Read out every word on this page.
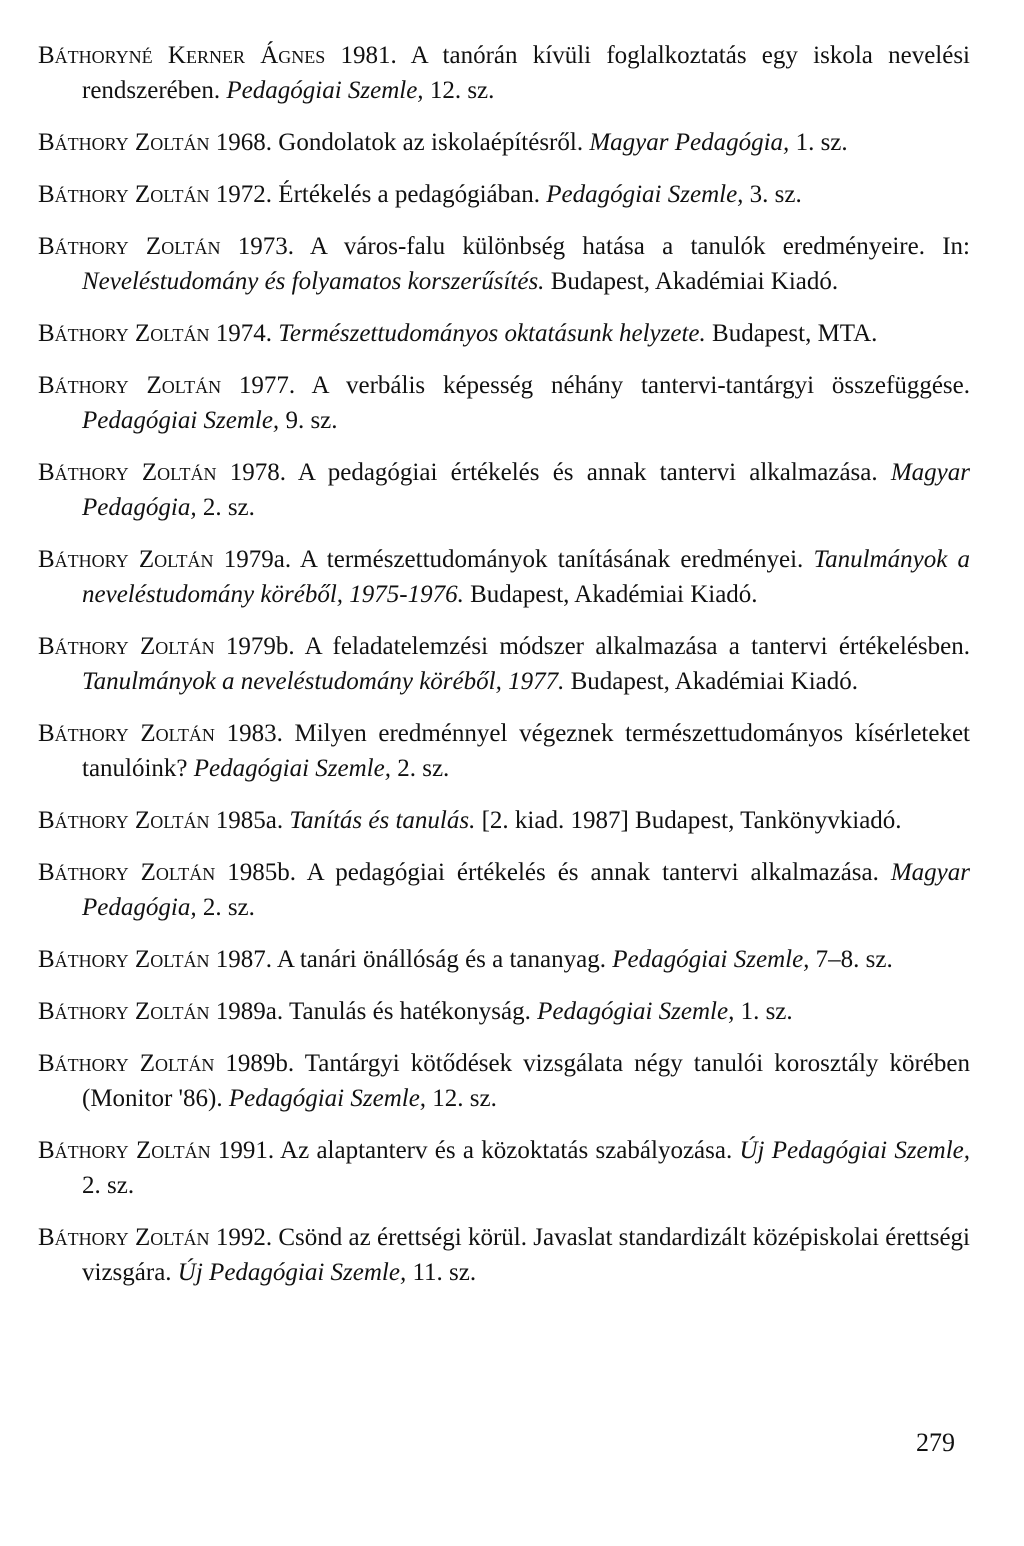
Báthoryné Kerner Ágnes 1981. A tanórán kívüli foglalkoztatás egy iskola nevelési rendszerében. Pedagógiai Szemle, 12. sz.

Báthory Zoltán 1968. Gondolatok az iskolaépítésről. Magyar Pedagógia, 1. sz.

Báthory Zoltán 1972. Értékelés a pedagógiában. Pedagógiai Szemle, 3. sz.

Báthory Zoltán 1973. A város-falu különbség hatása a tanulók eredményeire. In: Neveléstudomány és folyamatos korszerűsítés. Budapest, Akadémiai Kiadó.

Báthory Zoltán 1974. Természettudományos oktatásunk helyzete. Budapest, MTA.

Báthory Zoltán 1977. A verbális képesség néhány tantervi-tantárgyi összefüggése. Pedagógiai Szemle, 9. sz.

Báthory Zoltán 1978. A pedagógiai értékelés és annak tantervi alkalmazása. Magyar Pedagógia, 2. sz.

Báthory Zoltán 1979a. A természettudományok tanításának eredményei. Tanulmányok a neveléstudomány köréből, 1975-1976. Budapest, Akadémiai Kiadó.

Báthory Zoltán 1979b. A feladatelemzési módszer alkalmazása a tantervi értékelésben. Tanulmányok a neveléstudomány köréből, 1977. Budapest, Akadémiai Kiadó.

Báthory Zoltán 1983. Milyen eredménnyel végeznek természettudományos kísérleteket tanulóink? Pedagógiai Szemle, 2. sz.

Báthory Zoltán 1985a. Tanítás és tanulás. [2. kiad. 1987] Budapest, Tankönyvkiadó.

Báthory Zoltán 1985b. A pedagógiai értékelés és annak tantervi alkalmazása. Magyar Pedagógia, 2. sz.

Báthory Zoltán 1987. A tanári önállóság és a tananyag. Pedagógiai Szemle, 7–8. sz.

Báthory Zoltán 1989a. Tanulás és hatékonyság. Pedagógiai Szemle, 1. sz.

Báthory Zoltán 1989b. Tantárgyi kötődések vizsgálata négy tanulói korosztály körében (Monitor '86). Pedagógiai Szemle, 12. sz.

Báthory Zoltán 1991. Az alaptanterv és a közoktatás szabályozása. Új Pedagógiai Szemle, 2. sz.

Báthory Zoltán 1992. Csönd az érettségi körül. Javaslat standardizált középiskolai érettségi vizsgára. Új Pedagógiai Szemle, 11. sz.

279
